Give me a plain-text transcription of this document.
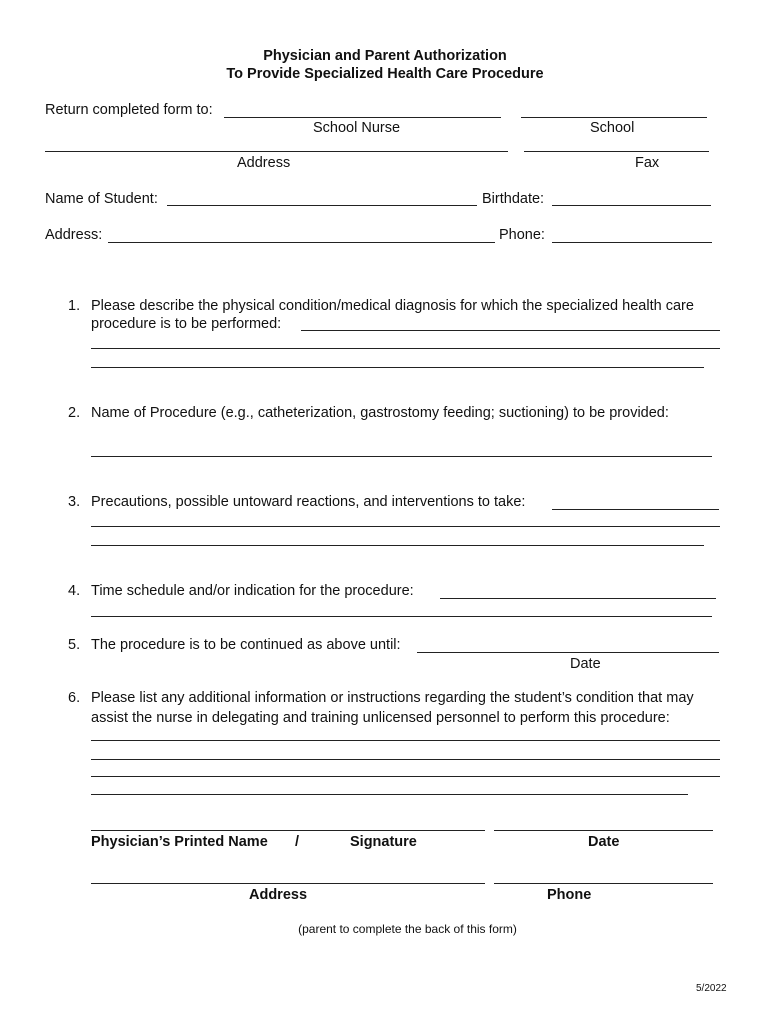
Physician and Parent Authorization
To Provide Specialized Health Care Procedure
Return completed form to:
School Nurse	School
Address	Fax
Name of Student:	Birthdate:
Address:	Phone:
1. Please describe the physical condition/medical diagnosis for which the specialized health care
procedure is to be performed:
2. Name of Procedure (e.g., catheterization, gastrostomy feeding; suctioning) to be provided:
3. Precautions, possible untoward reactions, and interventions to take:
4. Time schedule and/or indication for the procedure:
5. The procedure is to be continued as above until:
Date
6. Please list any additional information or instructions regarding the student’s condition that may
assist the nurse in delegating and training unlicensed personnel to perform this procedure:
Physician’s Printed Name /	Signature	Date
Address	Phone
(parent to complete the back of this form)
5/2022
